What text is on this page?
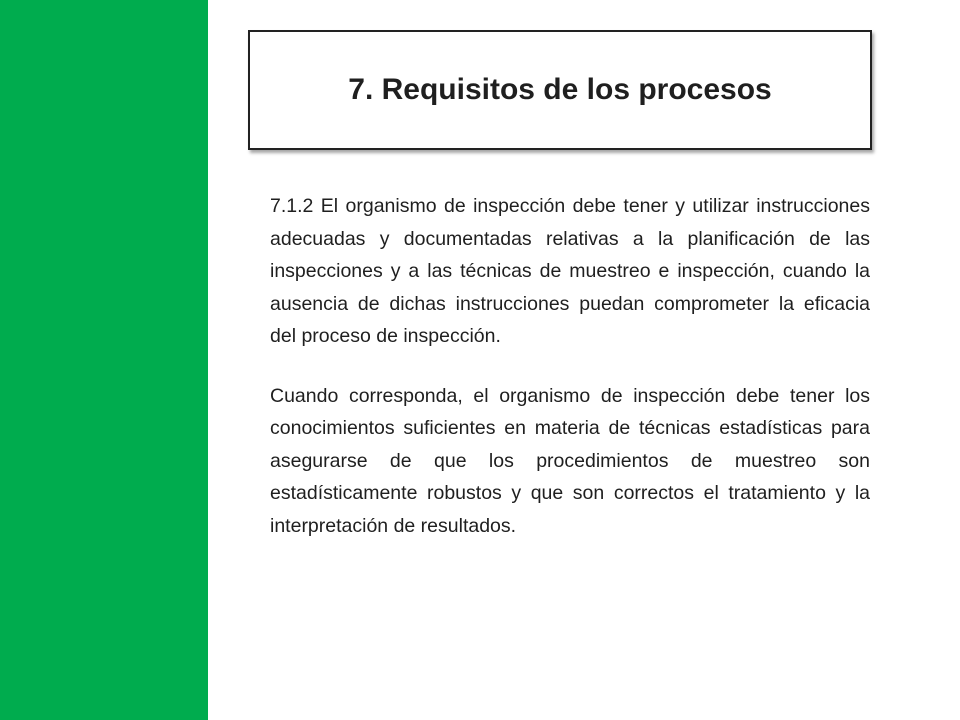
7. Requisitos de los procesos

7.1.2 El organismo de inspección debe tener y utilizar instrucciones adecuadas y documentadas relativas a la planificación de las inspecciones y a las técnicas de muestreo e inspección, cuando la ausencia de dichas instrucciones puedan comprometer la eficacia del proceso de inspección.

Cuando corresponda, el organismo de inspección debe tener los conocimientos suficientes en materia de técnicas estadísticas para asegurarse de que los procedimientos de muestreo son estadísticamente robustos y que son correctos el tratamiento y la interpretación de resultados.
